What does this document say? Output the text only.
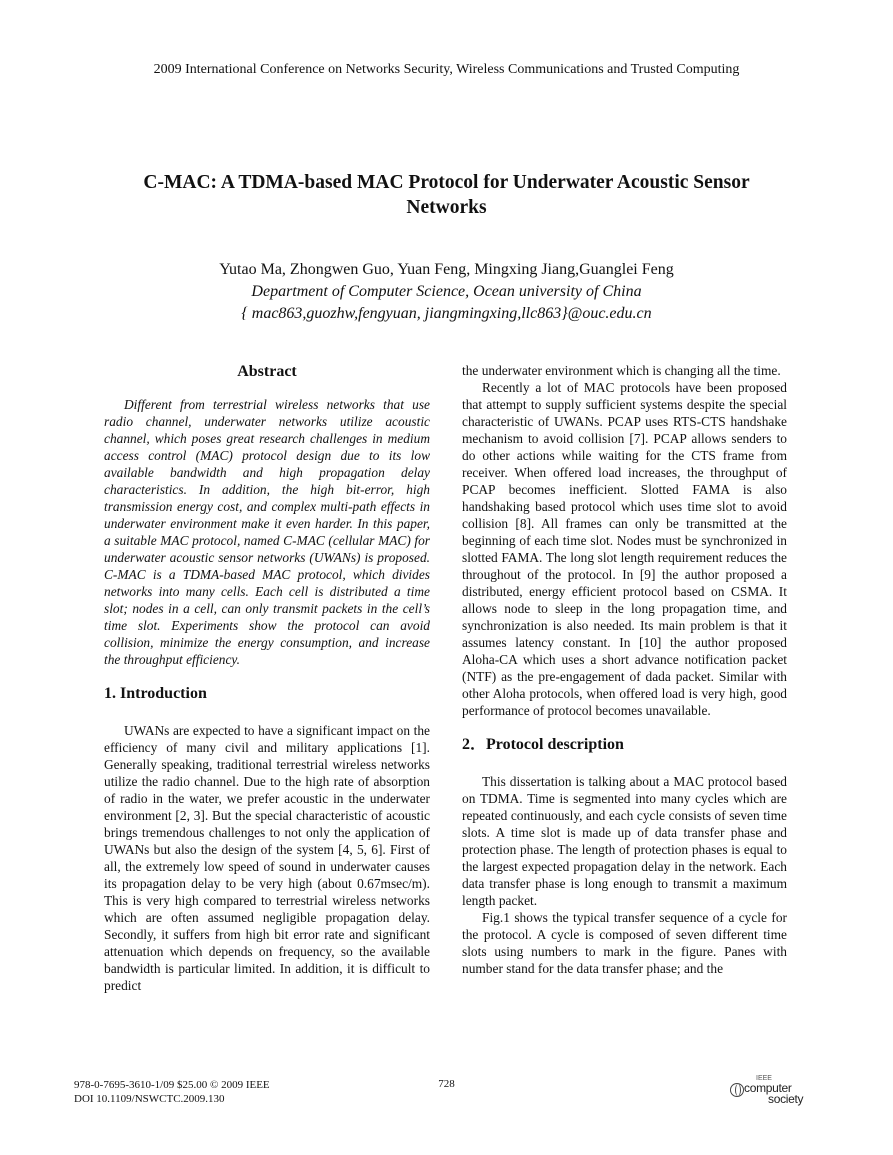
2009 International Conference on Networks Security, Wireless Communications and Trusted Computing
C-MAC: A TDMA-based MAC Protocol for Underwater Acoustic Sensor
Networks
Yutao Ma, Zhongwen Guo, Yuan Feng, Mingxing Jiang,Guanglei Feng
Department of Computer Science, Ocean university of China
{ mac863,guozhw,fengyuan, jiangmingxing,llc863}@ouc.edu.cn
Abstract

Different from terrestrial wireless networks that use radio channel, underwater networks utilize acoustic channel, which poses great research challenges in medium access control (MAC) protocol design due to its low available bandwidth and high propagation delay characteristics. In addition, the high bit-error, high transmission energy cost, and complex multi-path effects in underwater environment make it even harder. In this paper, a suitable MAC protocol, named C-MAC (cellular MAC) for underwater acoustic sensor networks (UWANs) is proposed. C-MAC is a TDMA-based MAC protocol, which divides networks into many cells. Each cell is distributed a time slot; nodes in a cell, can only transmit packets in the cell’s time slot. Experiments show the protocol can avoid collision, minimize the energy consumption, and increase the throughput efficiency.

1. Introduction

UWANs are expected to have a significant impact on the efficiency of many civil and military applications [1]. Generally speaking, traditional terrestrial wireless networks utilize the radio channel. Due to the high rate of absorption of radio in the water, we prefer acoustic in the underwater environment [2, 3]. But the special characteristic of acoustic brings tremendous challenges to not only the application of UWANs but also the design of the system [4, 5, 6]. First of all, the extremely low speed of sound in underwater causes its propagation delay to be very high (about 0.67msec/m). This is very high compared to terrestrial wireless networks which are often assumed negligible propagation delay. Secondly, it suffers from high bit error rate and significant attenuation which depends on frequency, so the available bandwidth is particular limited. In addition, it is difficult to predict

the underwater environment which is changing all the time.

Recently a lot of MAC protocols have been proposed that attempt to supply sufficient systems despite the special characteristic of UWANs. PCAP uses RTS-CTS handshake mechanism to avoid collision [7]. PCAP allows senders to do other actions while waiting for the CTS frame from receiver. When offered load increases, the throughput of PCAP becomes inefficient. Slotted FAMA is also handshaking based protocol which uses time slot to avoid collision [8]. All frames can only be transmitted at the beginning of each time slot. Nodes must be synchronized in slotted FAMA. The long slot length requirement reduces the throughout of the protocol. In [9] the author proposed a distributed, energy efficient protocol based on CSMA. It allows node to sleep in the long propagation time, and synchronization is also needed. Its main problem is that it assumes latency constant. In [10] the author proposed Aloha-CA which uses a short advance notification packet (NTF) as the pre-engagement of dada packet. Similar with other Aloha protocols, when offered load is very high, good performance of protocol becomes unavailable.

2．Protocol description

This dissertation is talking about a MAC protocol based on TDMA. Time is segmented into many cycles which are repeated continuously, and each cycle consists of seven time slots. A time slot is made up of data transfer phase and protection phase. The length of protection phases is equal to the largest expected propagation delay in the network. Each data transfer phase is long enough to transmit a maximum length packet.

Fig.1 shows the typical transfer sequence of a cycle for the protocol. A cycle is composed of seven different time slots using numbers to mark in the figure. Panes with number stand for the data transfer phase; and the

978-0-7695-3610-1/09 $25.00 © 2009 IEEE
DOI 10.1109/NSWCTC.2009.130
728	IEEE
computer
society
